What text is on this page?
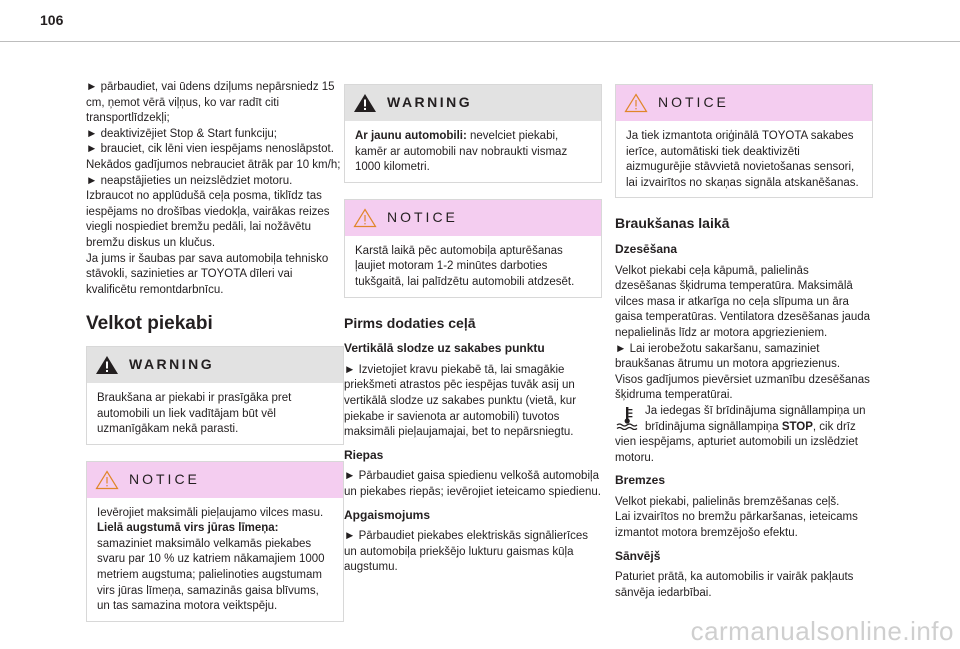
106

► pārbaudiet, vai ūdens dziļums nepārsniedz 15 cm, ņemot vērā viļņus, ko var radīt citi transportlīdzekļi;

► deaktivizējiet Stop & Start funkciju;

► brauciet, cik lēni vien iespējams nenoslāpstot. Nekādos gadījumos nebrauciet ātrāk par 10 km/h;

► neapstājieties un neizslēdziet motoru.

Izbraucot no applūdušā ceļa posma, tiklīdz tas iespējams no drošības viedokļa, vairākas reizes viegli nospiediet bremžu pedāli, lai nožāvētu bremžu diskus un klučus.

Ja jums ir šaubas par sava automobiļa tehnisko stāvokli, sazinieties ar TOYOTA dīleri vai kvalificētu remontdarbnīcu.

Velkot piekabi
WARNING

Braukšana ar piekabi ir prasīgāka pret automobili un liek vadītājam būt vēl uzmanīgākam nekā parasti.

NOTICE

Ievērojiet maksimāli pieļaujamo vilces masu.

Lielā augstumā virs jūras līmeņa:

samaziniet maksimālo velkamās piekabes svaru par 10 % uz katriem nākamajiem 1000 metriem augstuma; palielinoties augstumam virs jūras līmeņa, samazinās gaisa blīvums, un tas samazina motora veiktspēju.

WARNING

Ar jaunu automobili: nevelciet piekabi, kamēr ar automobili nav nobraukti vismaz 1000 kilometri.

NOTICE

Karstā laikā pēc automobiļa apturēšanas ļaujiet motoram 1-2 minūtes darboties tukšgaitā, lai palīdzētu automobili atdzesēt.

Pirms dodaties ceļā
Vertikālā slodze uz sakabes punktu

► Izvietojiet kravu piekabē tā, lai smagākie priekšmeti atrastos pēc iespējas tuvāk asij un vertikālā slodze uz sakabes punktu (vietā, kur piekabe ir savienota ar automobili) tuvotos maksimāli pieļaujamajai, bet to nepārsniegtu.

Riepas

► Pārbaudiet gaisa spiedienu velkošā automobiļa un piekabes riepās; ievērojiet ieteicamo spiedienu.

Apgaismojums

► Pārbaudiet piekabes elektriskās signālierīces un automobiļa priekšējo lukturu gaismas kūļa augstumu.

NOTICE

Ja tiek izmantota oriģinālā TOYOTA sakabes ierīce, automātiski tiek deaktivizēti aizmugurējie stāvvietā novietošanas sensori, lai izvairītos no skaņas signāla atskanēšanas.

Braukšanas laikā
Dzesēšana

Velkot piekabi ceļa kāpumā, palielinās dzesēšanas šķidruma temperatūra. Maksimālā vilces masa ir atkarīga no ceļa slīpuma un āra gaisa temperatūras. Ventilatora dzesēšanas jauda nepalielinās līdz ar motora apgriezieniem.

► Lai ierobežotu sakaršanu, samaziniet braukšanas ātrumu un motora apgriezienus.

Visos gadījumos pievērsiet uzmanību dzesēšanas šķidruma temperatūrai.

Ja iedegas šī brīdinājuma signāllampiņa un brīdinājuma signāllampiņa STOP, cik drīz vien iespējams, apturiet automobili un izslēdziet motoru.

Bremzes

Velkot piekabi, palielinās bremzēšanas ceļš.

Lai izvairītos no bremžu pārkaršanas, ieteicams izmantot motora bremzējošo efektu.

Sānvējš

Paturiet prātā, ka automobilis ir vairāk pakļauts sānvēja iedarbībai.

carmanualsonline.info
